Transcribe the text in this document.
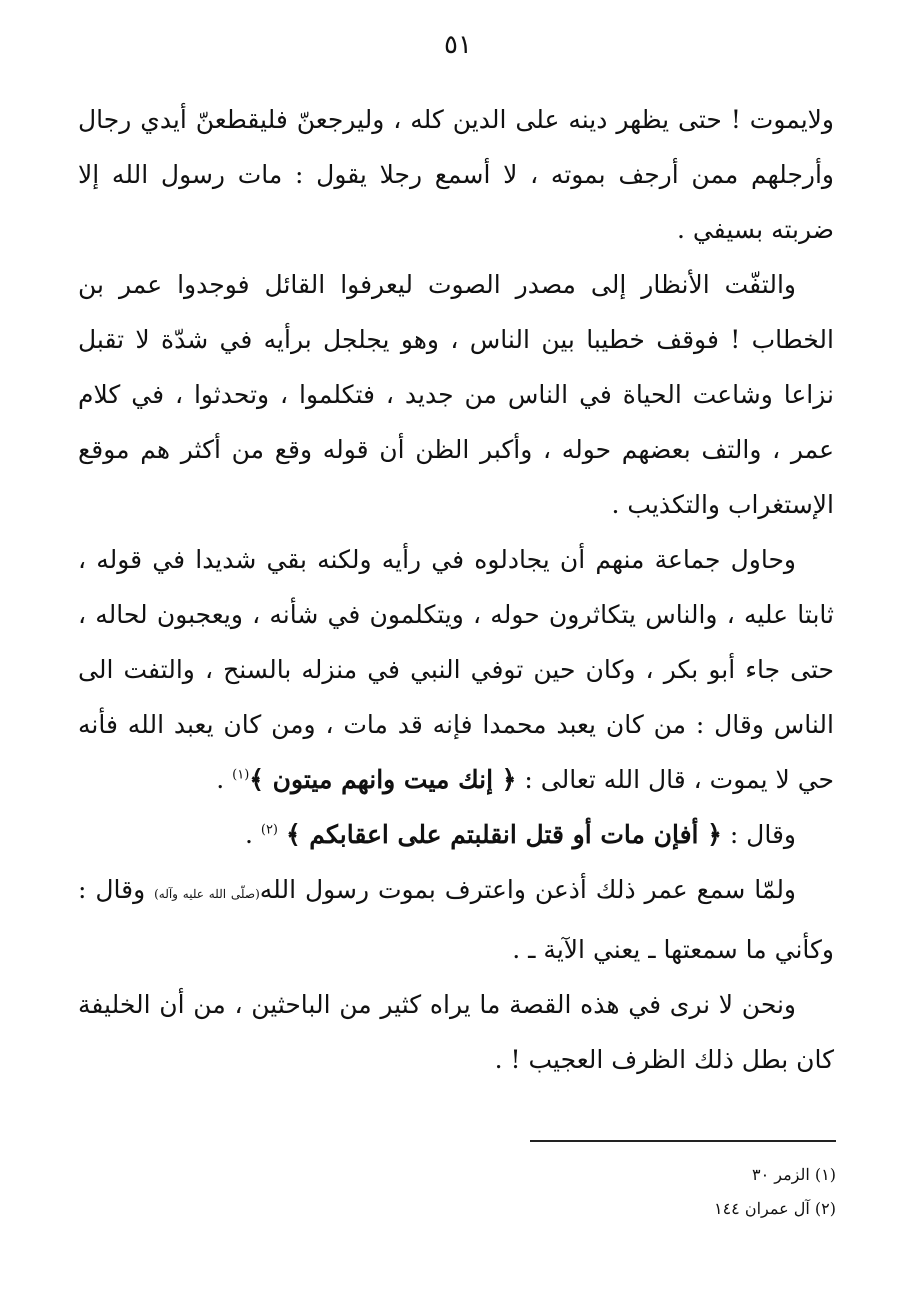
٥١

ولايموت ! حتى يظهر دينه على الدين كله ، وليرجعنّ فليقطعنّ أيدي رجال وأرجلهم ممن أرجف بموته ، لا أسمع رجلا يقول : مات رسول الله إلا ضربته بسيفي .

والتفّت الأنظار إلى مصدر الصوت ليعرفوا القائل فوجدوا عمر بن الخطاب ! فوقف خطيبا بين الناس ، وهو يجلجل برأيه في شدّة لا تقبل نزاعا وشاعت الحياة في الناس من جديد ، فتكلموا ، وتحدثوا ، في كلام عمر ، والتف بعضهم حوله ، وأكبر الظن أن قوله وقع من أكثر هم موقع الإستغراب والتكذيب .

وحاول جماعة منهم أن يجادلوه في رأيه ولكنه بقي شديدا في قوله ، ثابتا عليه ، والناس يتكاثرون حوله ، ويتكلمون في شأنه ، ويعجبون لحاله ، حتى جاء أبو بكر ، وكان حين توفي النبي في منزله بالسنح ، والتفت الى الناس وقال : من كان يعبد محمدا فإنه قد مات ، ومن كان يعبد الله فأنه حي لا يموت ، قال الله تعالى : ﴿ إنك ميت وانهم ميتون ﴾$^{(١)}$ .

وقال : ﴿ أفإن مات أو قتل انقلبتم على اعقابكم ﴾ $^{(٢)}$ .

ولمّا سمع عمر ذلك أذعن واعترف بموت رسول الله(صلّى الله عليه وآله) وقال : وكأني ما سمعتها ـ يعني الآية ـ .

ونحن لا نرى في هذه القصة ما يراه كثير من الباحثين ، من أن الخليفة كان بطل ذلك الظرف العجيب ! .

(١) الزمر ٣٠

(٢) آل عمران ١٤٤
